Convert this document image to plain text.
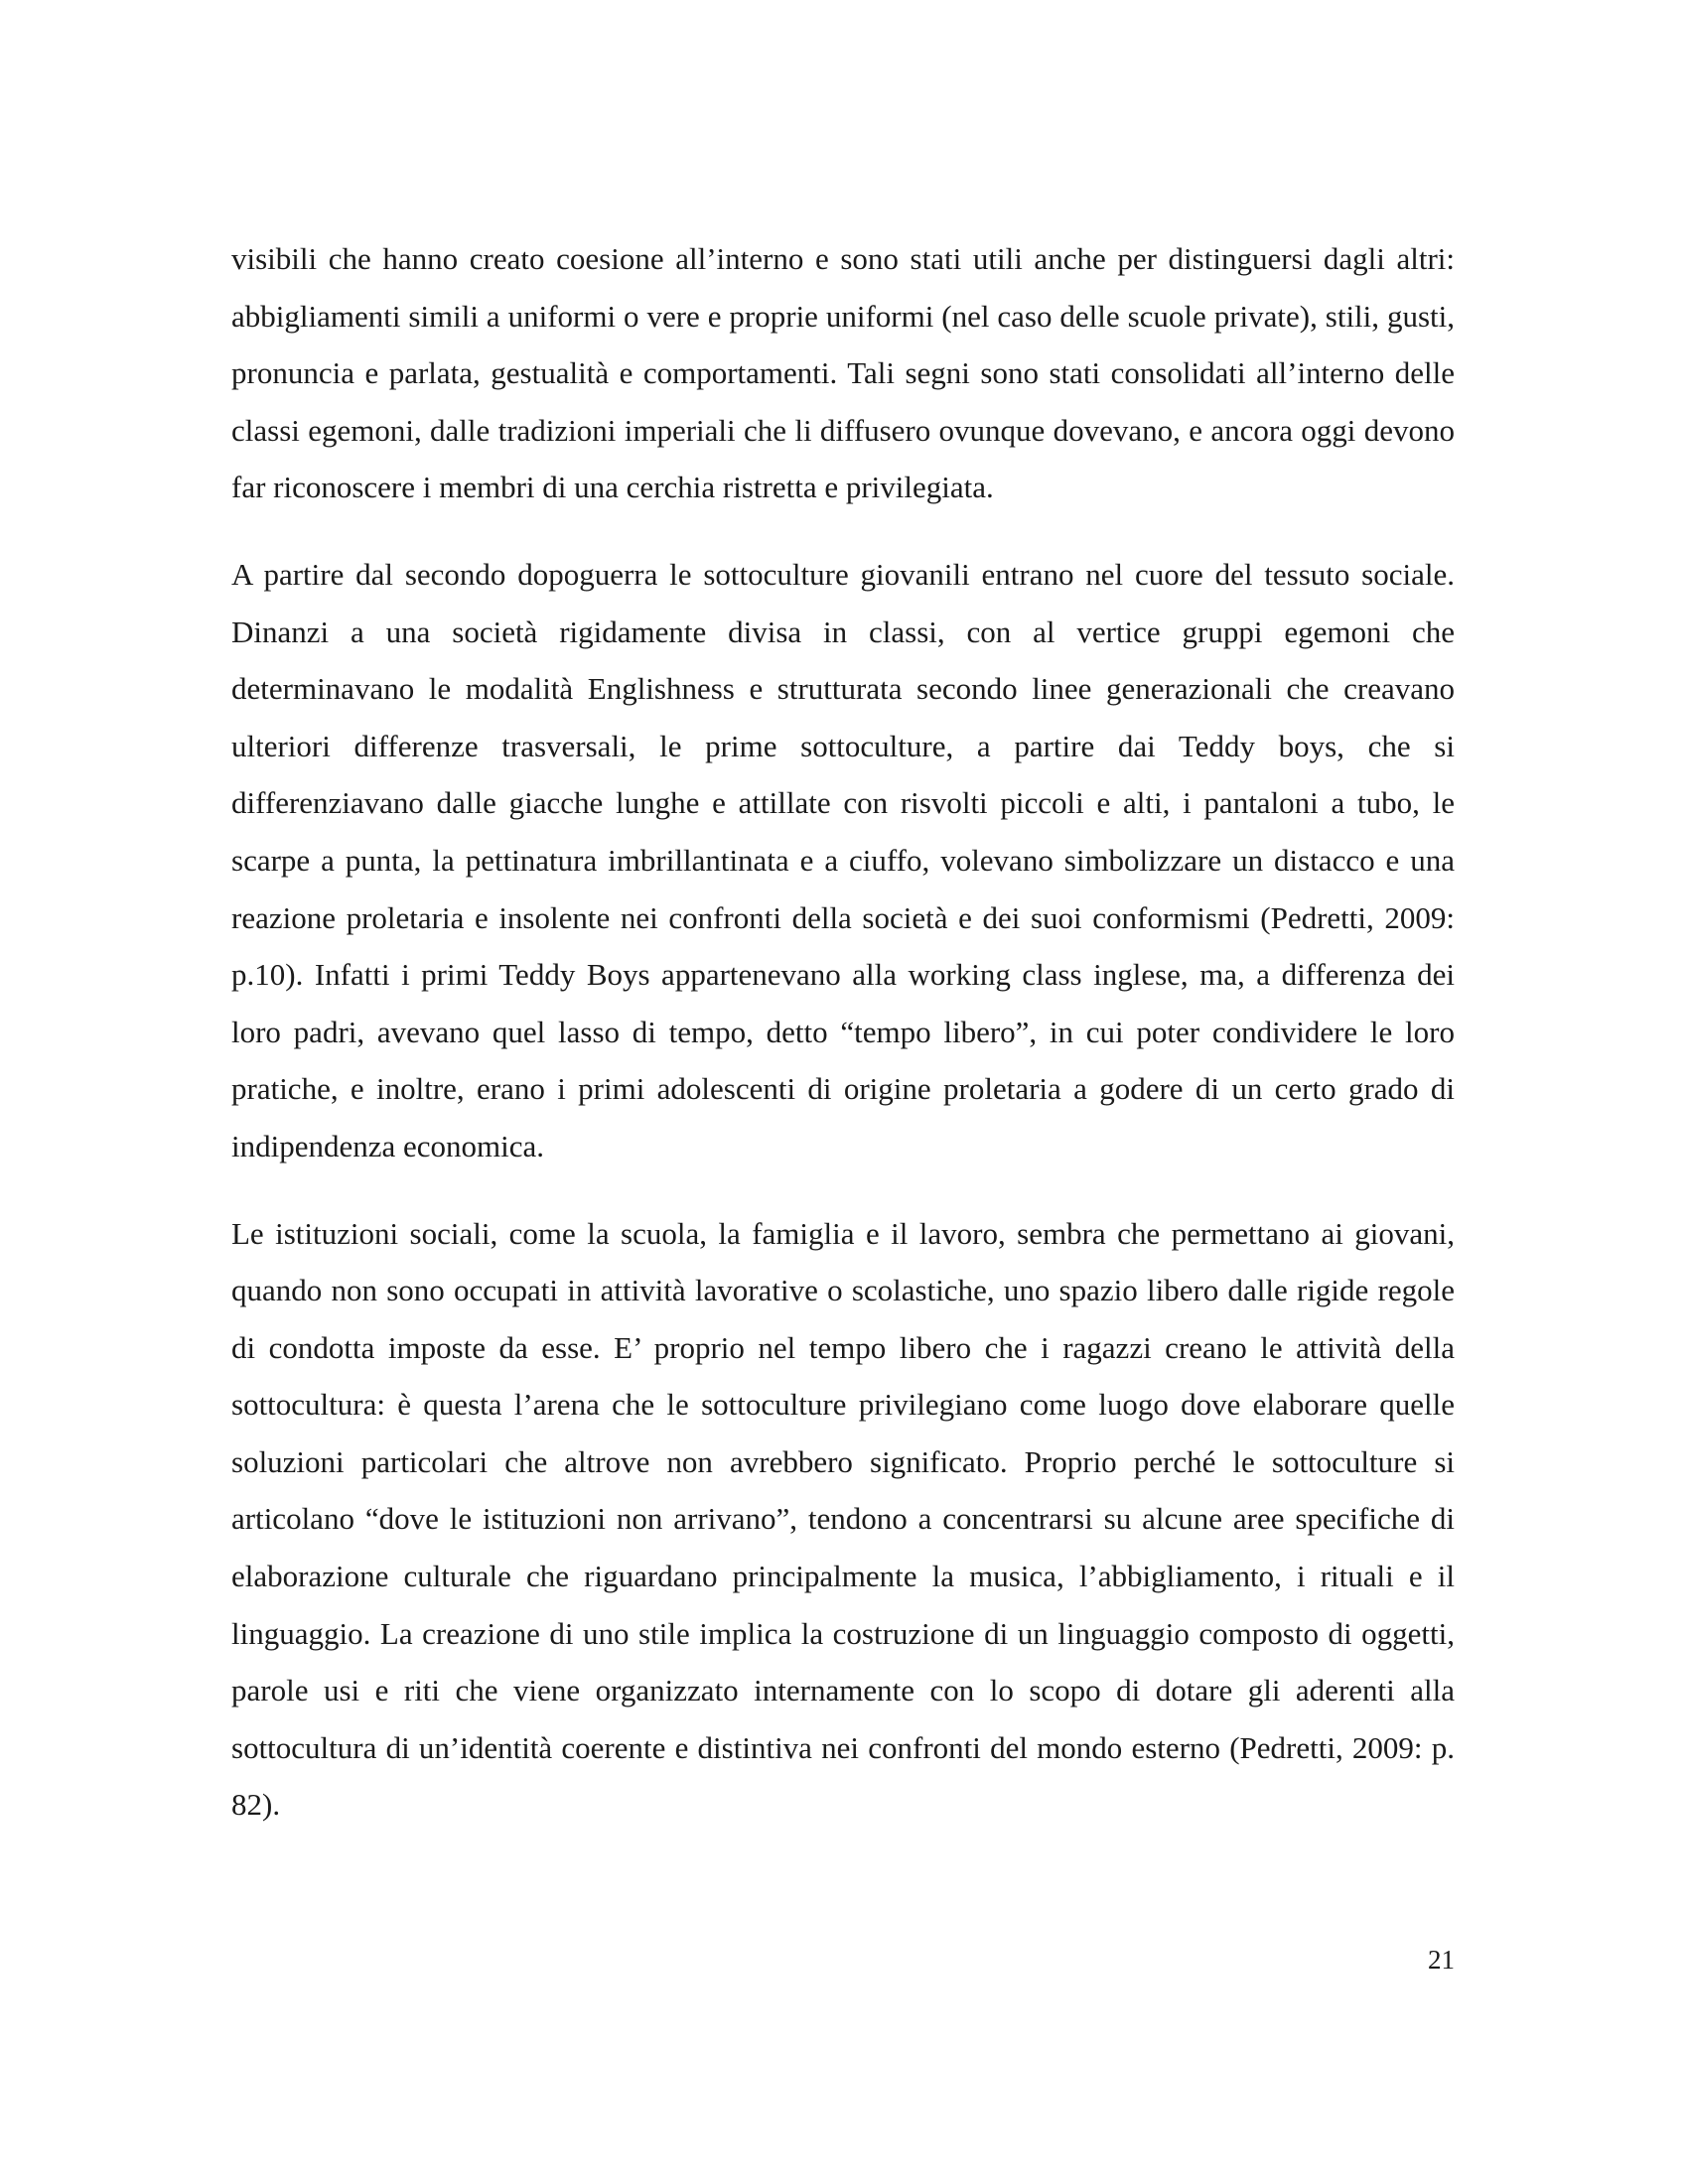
visibili che hanno creato coesione all’interno e sono stati utili anche per distinguersi dagli altri: abbigliamenti simili a uniformi o vere e proprie uniformi (nel caso delle scuole private), stili, gusti, pronuncia e parlata, gestualità e comportamenti. Tali segni sono stati consolidati all’interno delle classi egemoni, dalle tradizioni imperiali che li diffusero ovunque dovevano, e ancora oggi devono far riconoscere i membri di una cerchia ristretta e privilegiata.

A partire dal secondo dopoguerra le sottoculture giovanili entrano nel cuore del tessuto sociale. Dinanzi a una società rigidamente divisa in classi, con al vertice gruppi egemoni che determinavano le modalità Englishness e strutturata secondo linee generazionali che creavano ulteriori differenze trasversali, le prime sottoculture, a partire dai Teddy boys, che si differenziavano dalle giacche lunghe e attillate con risvolti piccoli e alti, i pantaloni a tubo, le scarpe a punta, la pettinatura imbrillantinata e a ciuffo, volevano simbolizzare un distacco e una reazione proletaria e insolente nei confronti della società e dei suoi conformismi (Pedretti, 2009: p.10). Infatti i primi Teddy Boys appartenevano alla working class inglese, ma, a differenza dei loro padri, avevano quel lasso di tempo, detto “tempo libero”, in cui poter condividere le loro pratiche, e inoltre, erano i primi adolescenti di origine proletaria a godere di un certo grado di indipendenza economica.

Le istituzioni sociali, come la scuola, la famiglia e il lavoro, sembra che permettano ai giovani, quando non sono occupati in attività lavorative o scolastiche, uno spazio libero dalle rigide regole di condotta imposte da esse. E’ proprio nel tempo libero che i ragazzi creano le attività della sottocultura: è questa l’arena che le sottoculture privilegiano come luogo dove elaborare quelle soluzioni particolari che altrove non avrebbero significato. Proprio perché le sottoculture si articolano “dove le istituzioni non arrivano”, tendono a concentrarsi su alcune aree specifiche di elaborazione culturale che riguardano principalmente la musica, l’abbigliamento, i rituali e il linguaggio. La creazione di uno stile implica la costruzione di un linguaggio composto di oggetti, parole usi e riti che viene organizzato internamente con lo scopo di dotare gli aderenti alla sottocultura di un’identità coerente e distintiva nei confronti del mondo esterno (Pedretti, 2009: p. 82).

21
